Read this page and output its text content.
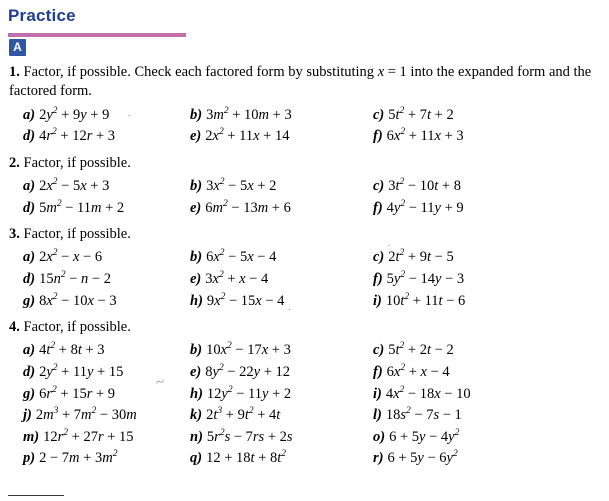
Practice
A
1. Factor, if possible. Check each factored form by substituting x = 1 into the expanded form and the factored form.
a) $2y^2 + 9y + 9$	b) $3m^2 + 10m + 3$	c) $5t^2 + 7t + 2$
d) $4r^2 + 12r + 3$	e) $2x^2 + 11x + 14$	f) $6x^2 + 11x + 3$
2. Factor, if possible.
a) $2x^2 - 5x + 3$	b) $3x^2 - 5x + 2$	c) $3t^2 - 10t + 8$
d) $5m^2 - 11m + 2$	e) $6m^2 - 13m + 6$	f) $4y^2 - 11y + 9$
3. Factor, if possible.
a) $2x^2 - x - 6$	b) $6x^2 - 5x - 4$	c) $2t^2 + 9t - 5$
d) $15n^2 - n - 2$	e) $3x^2 + x - 4$	f) $5y^2 - 14y - 3$
g) $8x^2 - 10x - 3$	h) $9x^2 - 15x - 4$	i) $10t^2 + 11t - 6$
4. Factor, if possible.
a) $4t^2 + 8t + 3$	b) $10x^2 - 17x + 3$	c) $5t^2 + 2t - 2$
d) $2y^2 + 11y + 15$	e) $8y^2 - 22y + 12$	f) $6x^2 + x - 4$
g) $6r^2 + 15r + 9$	h) $12y^2 - 11y + 2$	i) $4x^2 - 18x - 10$
j) $2m^3 + 7m^2 - 30m$	k) $2t^3 + 9t^2 + 4t$	l) $18s^2 - 7s - 1$
m) $12r^2 + 27r + 15$	n) $5r^2s - 7rs + 2s$	o) $6 + 5y - 4y^2$
p) $2 - 7m + 3m^2$	q) $12 + 18t + 8t^2$	r) $6 + 5y - 6y^2$
.
·
~
.
